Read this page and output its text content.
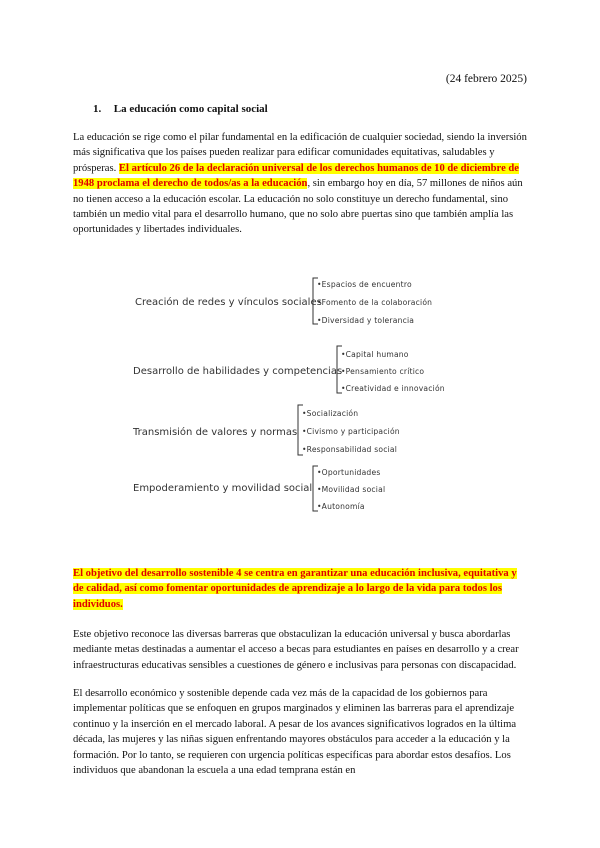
(24 febrero 2025)
1. La educación como capital social
La educación se rige como el pilar fundamental en la edificación de cualquier sociedad, siendo la inversión más significativa que los países pueden realizar para edificar comunidades equitativas, saludables y prósperas. El artículo 26 de la declaración universal de los derechos humanos de 10 de diciembre de 1948 proclama el derecho de todos/as a la educación, sin embargo hoy en día, 57 millones de niños aún no tienen acceso a la educación escolar. La educación no solo constituye un derecho fundamental, sino también un medio vital para el desarrollo humano, que no solo abre puertas sino que también amplía las oportunidades y libertades individuales.
Creación de redes y vínculos sociales
•Espacios de encuentro
•Fomento de la colaboración
•Diversidad y tolerancia
Desarrollo de habilidades y competencias
•Capital humano
•Pensamiento crítico
•Creatividad e innovación
Transmisión de valores y normas
•Socialización
•Civismo y participación
•Responsabilidad social
Empoderamiento y movilidad social
•Oportunidades
•Movilidad social
•Autonomía
El objetivo del desarrollo sostenible 4 se centra en garantizar una educación inclusiva, equitativa y de calidad, así como fomentar oportunidades de aprendizaje a lo largo de la vida para todos los individuos.
Este objetivo reconoce las diversas barreras que obstaculizan la educación universal y busca abordarlas mediante metas destinadas a aumentar el acceso a becas para estudiantes en países en desarrollo y a crear infraestructuras educativas sensibles a cuestiones de género e inclusivas para personas con discapacidad.
El desarrollo económico y sostenible depende cada vez más de la capacidad de los gobiernos para implementar políticas que se enfoquen en grupos marginados y eliminen las barreras para el aprendizaje continuo y la inserción en el mercado laboral. A pesar de los avances significativos logrados en la última década, las mujeres y las niñas siguen enfrentando mayores obstáculos para acceder a la educación y la formación. Por lo tanto, se requieren con urgencia políticas específicas para abordar estos desafíos. Los individuos que abandonan la escuela a una edad temprana están en
